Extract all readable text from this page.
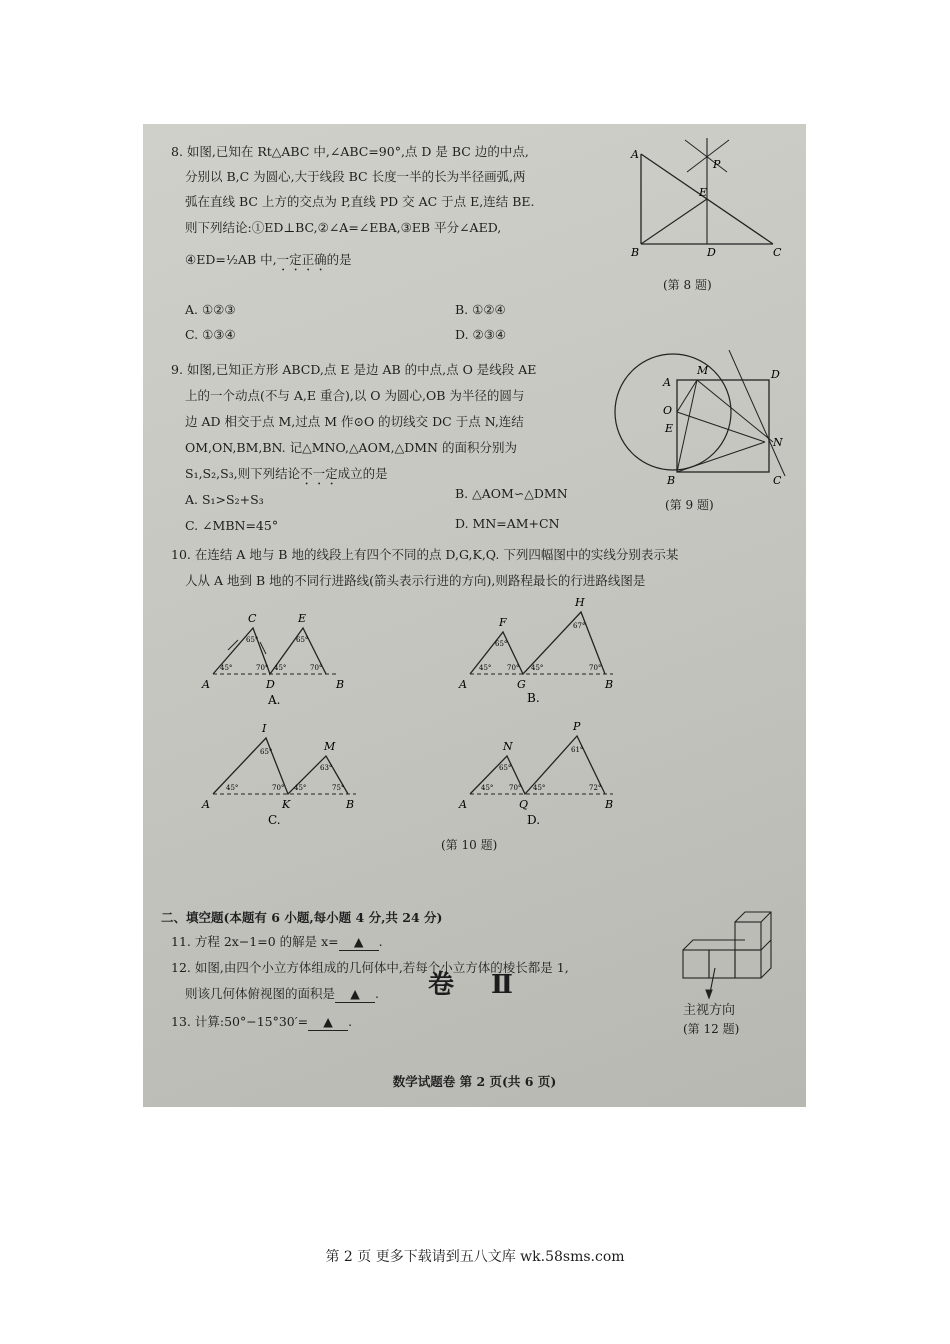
8. 如图,已知在 Rt△ABC 中,∠ABC=90°,点 D 是 BC 边的中点,
分别以 B,C 为圆心,大于线段 BC 长度一半的长为半径画弧,两
弧在直线 BC 上方的交点为 P,直线 PD 交 AC 于点 E,连结 BE.
则下列结论:①ED⊥BC,②∠A=∠EBA,③EB 平分∠AED,
④ED=½AB 中,一定正确的是
A. ①②③	B. ①②④
C. ①③④	D. ②③④
A
P
E
B	D	C
(第 8 题)
9. 如图,已知正方形 ABCD,点 E 是边 AB 的中点,点 O 是线段 AE
上的一个动点(不与 A,E 重合),以 O 为圆心,OB 为半径的圆与
边 AD 相交于点 M,过点 M 作⊙O 的切线交 DC 于点 N,连结
OM,ON,BM,BN. 记△MNO,△AOM,△DMN 的面积分别为
S₁,S₂,S₃,则下列结论不一定成立的是
A. S₁>S₂+S₃	B. △AOM∽△DMN
C. ∠MBN=45°	D. MN=AM+CN
A
M	D
O
E
N
B	C
(第 9 题)
10. 在连结 A 地与 B 地的线段上有四个不同的点 D,G,K,Q. 下列四幅图中的实线分别表示某
人从 A 地到 B 地的不同行进路线(箭头表示行进的方向),则路程最长的行进路线图是
C	E
65°	65°
45°	70° 45°	70°
A	D	B
A.
F
H
65°
67°
45° 70° 45°	70°
A	G	B
B.
I
M
65°
63°
45°	70° 45°	75°
A	K	B
C.
N
P
65°
61°
45° 70° 45°	72°
A	Q	B
D.
(第 10 题)
卷 Ⅱ
二、填空题(本题有 6 小题,每小题 4 分,共 24 分)
11. 方程 2x−1=0 的解是 x= ▲ .
12. 如图,由四个小立方体组成的几何体中,若每个小立方体的棱长都是 1,
则该几何体俯视图的面积是 ▲ .
13. 计算:50°−15°30′= ▲ .
主视方向
(第 12 题)
数学试题卷 第 2 页(共 6 页)
第 2 页 更多下载请到五八文库 wk.58sms.com
